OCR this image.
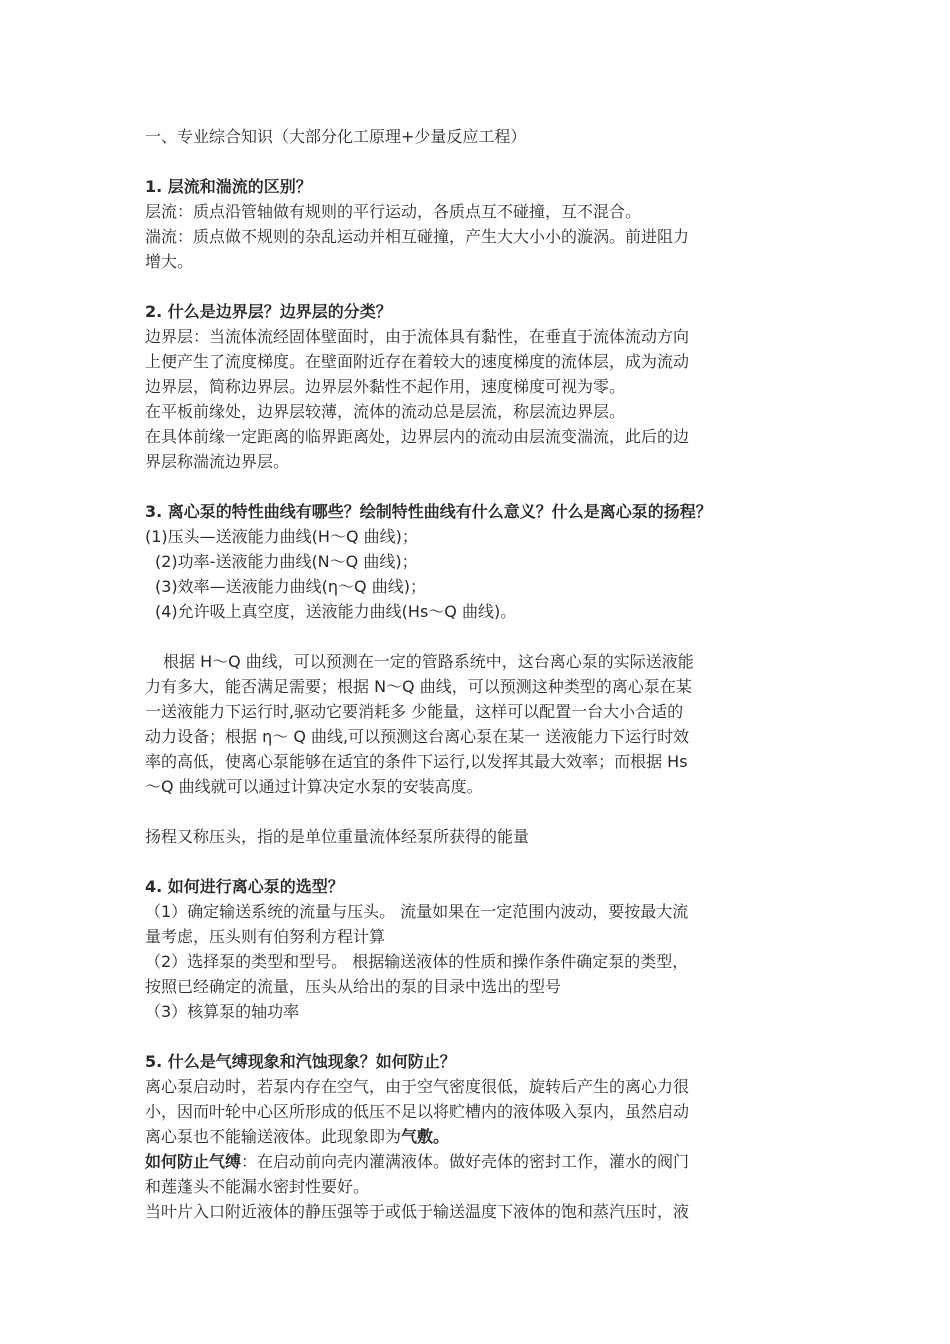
一、专业综合知识（大部分化工原理+少量反应工程）
1. 层流和湍流的区别？
层流：质点沿管轴做有规则的平行运动，各质点互不碰撞，互不混合。
湍流：质点做不规则的杂乱运动并相互碰撞，产生大大小小的漩涡。前进阻力
增大。
2. 什么是边界层？边界层的分类？
边界层：当流体流经固体壁面时，由于流体具有黏性，在垂直于流体流动方向
上便产生了流度梯度。在壁面附近存在着较大的速度梯度的流体层，成为流动
边界层，简称边界层。边界层外黏性不起作用，速度梯度可视为零。
在平板前缘处，边界层较薄，流体的流动总是层流，称层流边界层。
在具体前缘一定距离的临界距离处，边界层内的流动由层流变湍流，此后的边
界层称湍流边界层。
3. 离心泵的特性曲线有哪些？绘制特性曲线有什么意义？什么是离心泵的扬程？
(1)压头—送液能力曲线(H～Q 曲线)；
(2)功率-送液能力曲线(N～Q 曲线)；
(3)效率—送液能力曲线(η～Q 曲线)；
(4)允许吸上真空度，送液能力曲线(Hs～Q 曲线)。
根据 H～Q 曲线，可以预测在一定的管路系统中，这台离心泵的实际送液能
力有多大，能否满足需要；根据 N～Q 曲线，可以预测这种类型的离心泵在某
一送液能力下运行时,驱动它要消耗多 少能量，这样可以配置一台大小合适的
动力设备；根据 η～ Q 曲线,可以预测这台离心泵在某一 送液能力下运行时效
率的高低，使离心泵能够在适宜的条件下运行,以发挥其最大效率；而根据 Hs
～Q 曲线就可以通过计算决定水泵的安装高度。
扬程又称压头，指的是单位重量流体经泵所获得的能量
4. 如何进行离心泵的选型？
（1）确定输送系统的流量与压头。 流量如果在一定范围内波动，要按最大流
量考虑，压头则有伯努利方程计算
（2）选择泵的类型和型号。 根据输送液体的性质和操作条件确定泵的类型，
按照已经确定的流量，压头从给出的泵的目录中选出的型号
（3）核算泵的轴功率
5. 什么是气缚现象和汽蚀现象？如何防止？
离心泵启动时，若泵内存在空气，由于空气密度很低，旋转后产生的离心力很
小，因而叶轮中心区所形成的低压不足以将贮槽内的液体吸入泵内，虽然启动
离心泵也不能输送液体。此现象即为气敷。
如何防止气缚：在启动前向壳内灌满液体。做好壳体的密封工作，灌水的阀门
和莲蓬头不能漏水密封性要好。
当叶片入口附近液体的静压强等于或低于输送温度下液体的饱和蒸汽压时，液
